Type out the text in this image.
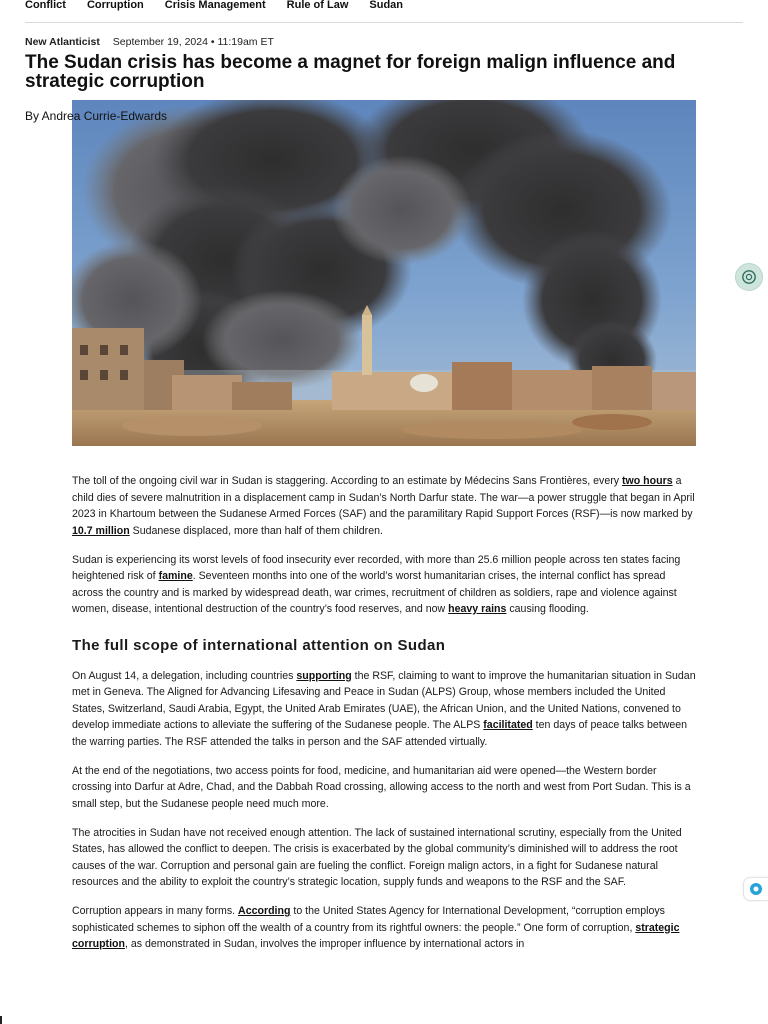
Conflict Corruption Crisis Management Rule of Law Sudan
New Atlanticist September 19, 2024 • 11:19am ET
The Sudan crisis has become a magnet for foreign malign influence and strategic corruption
By Andrea Currie-Edwards

The toll of the ongoing civil war in Sudan is staggering. According to an estimate by Médecins Sans Frontières, every two hours a child dies of severe malnutrition in a displacement camp in Sudan’s North Darfur state. The war—a power struggle that began in April 2023 in Khartoum between the Sudanese Armed Forces (SAF) and the paramilitary Rapid Support Forces (RSF)—is now marked by 10.7 million Sudanese displaced, more than half of them children.

Sudan is experiencing its worst levels of food insecurity ever recorded, with more than 25.6 million people across ten states facing heightened risk of famine. Seventeen months into one of the world’s worst humanitarian crises, the internal conflict has spread across the country and is marked by widespread death, war crimes, recruitment of children as soldiers, rape and violence against women, disease, intentional destruction of the country’s food reserves, and now heavy rains causing flooding.

The full scope of international attention on Sudan

On August 14, a delegation, including countries supporting the RSF, claiming to want to improve the humanitarian situation in Sudan met in Geneva. The Aligned for Advancing Lifesaving and Peace in Sudan (ALPS) Group, whose members included the United States, Switzerland, Saudi Arabia, Egypt, the United Arab Emirates (UAE), the African Union, and the United Nations, convened to develop immediate actions to alleviate the suffering of the Sudanese people. The ALPS facilitated ten days of peace talks between the warring parties. The RSF attended the talks in person and the SAF attended virtually.

At the end of the negotiations, two access points for food, medicine, and humanitarian aid were opened—the Western border crossing into Darfur at Adre, Chad, and the Dabbah Road crossing, allowing access to the north and west from Port Sudan. This is a small step, but the Sudanese people need much more.

The atrocities in Sudan have not received enough attention. The lack of sustained international scrutiny, especially from the United States, has allowed the conflict to deepen. The crisis is exacerbated by the global community’s diminished will to address the root causes of the war. Corruption and personal gain are fueling the conflict. Foreign malign actors, in a fight for Sudanese natural resources and the ability to exploit the country’s strategic location, supply funds and weapons to the RSF and the SAF.

Corruption appears in many forms. According to the United States Agency for International Development, “corruption employs sophisticated schemes to siphon off the wealth of a country from its rightful owners: the people.” One form of corruption, strategic corruption, as demonstrated in Sudan, involves the improper influence by international actors in
